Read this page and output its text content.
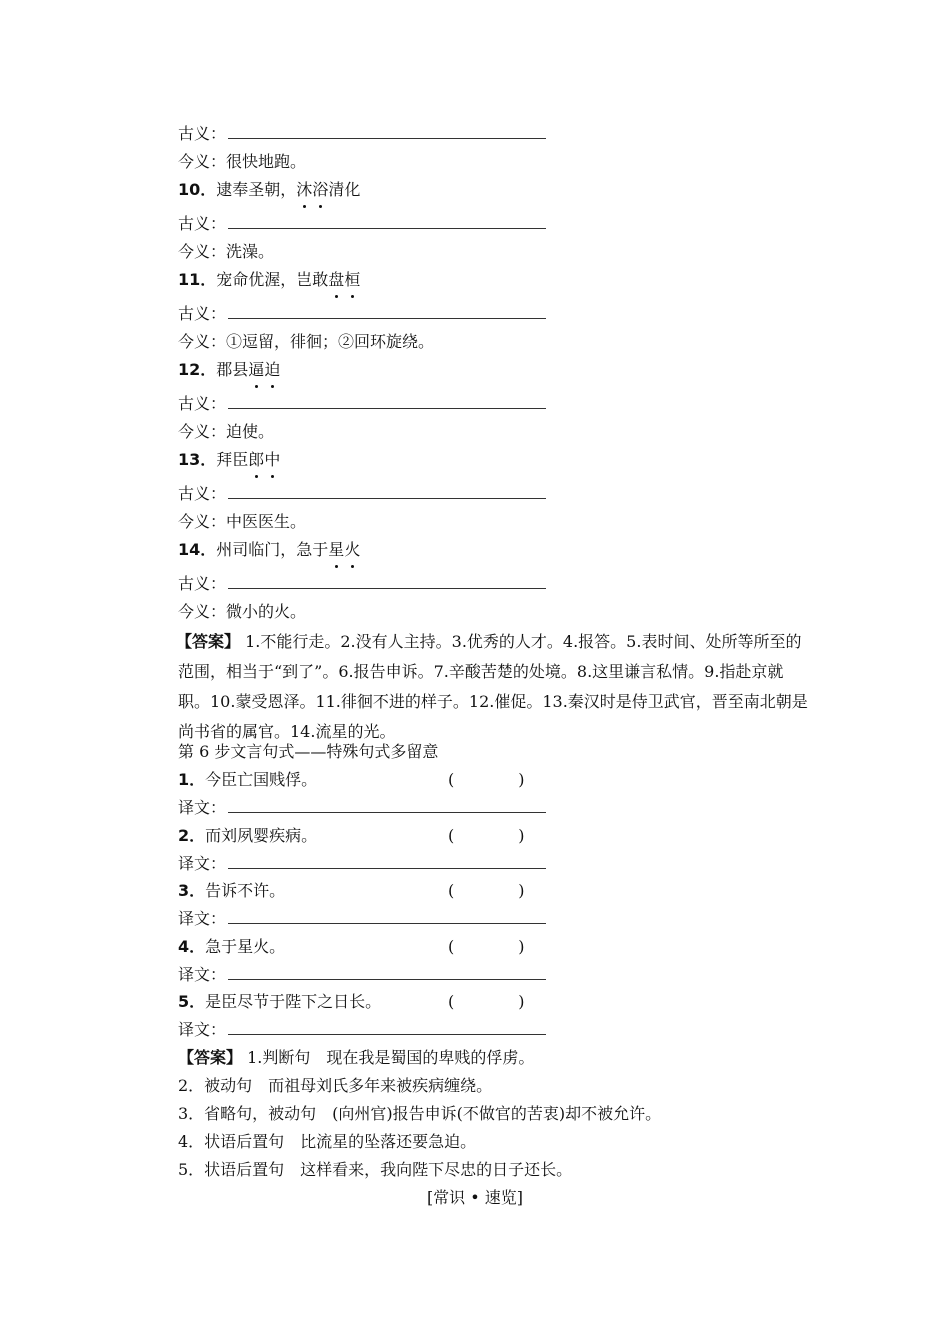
古义：
今义：很快地跑。
10．逮奉圣朝，沐浴清化
古义：
今义：洗澡。
11．宠命优渥，岂敢盘桓
古义：
今义：①逗留，徘徊；②回环旋绕。
12．郡县逼迫
古义：
今义：迫使。
13．拜臣郎中
古义：
今义：中医医生。
14．州司临门，急于星火
古义：
今义：微小的火。
【答案】 1.不能行走。2.没有人主持。3.优秀的人才。4.报答。5.表时间、处所等所至的范围，相当于“到了”。6.报告申诉。7.辛酸苦楚的处境。8.这里谦言私情。9.指赴京就职。10.蒙受恩泽。11.徘徊不进的样子。12.催促。13.秦汉时是侍卫武官，晋至南北朝是尚书省的属官。14.流星的光。
第 6 步文言句式——特殊句式多留意
1．今臣亡国贱俘。	(　　　　)
译文：
2．而刘夙婴疾病。	(　　　　)
译文：
3．告诉不许。	(　　　　)
译文：
4．急于星火。	(　　　　)
译文：
5．是臣尽节于陛下之日长。	(　　　　)
译文：
【答案】 1.判断句　现在我是蜀国的卑贱的俘虏。
2．被动句　而祖母刘氏多年来被疾病缠绕。
3．省略句，被动句　(向州官)报告申诉(不做官的苦衷)却不被允许。
4．状语后置句　比流星的坠落还要急迫。
5．状语后置句　这样看来，我向陛下尽忠的日子还长。
[常识 • 速览]
